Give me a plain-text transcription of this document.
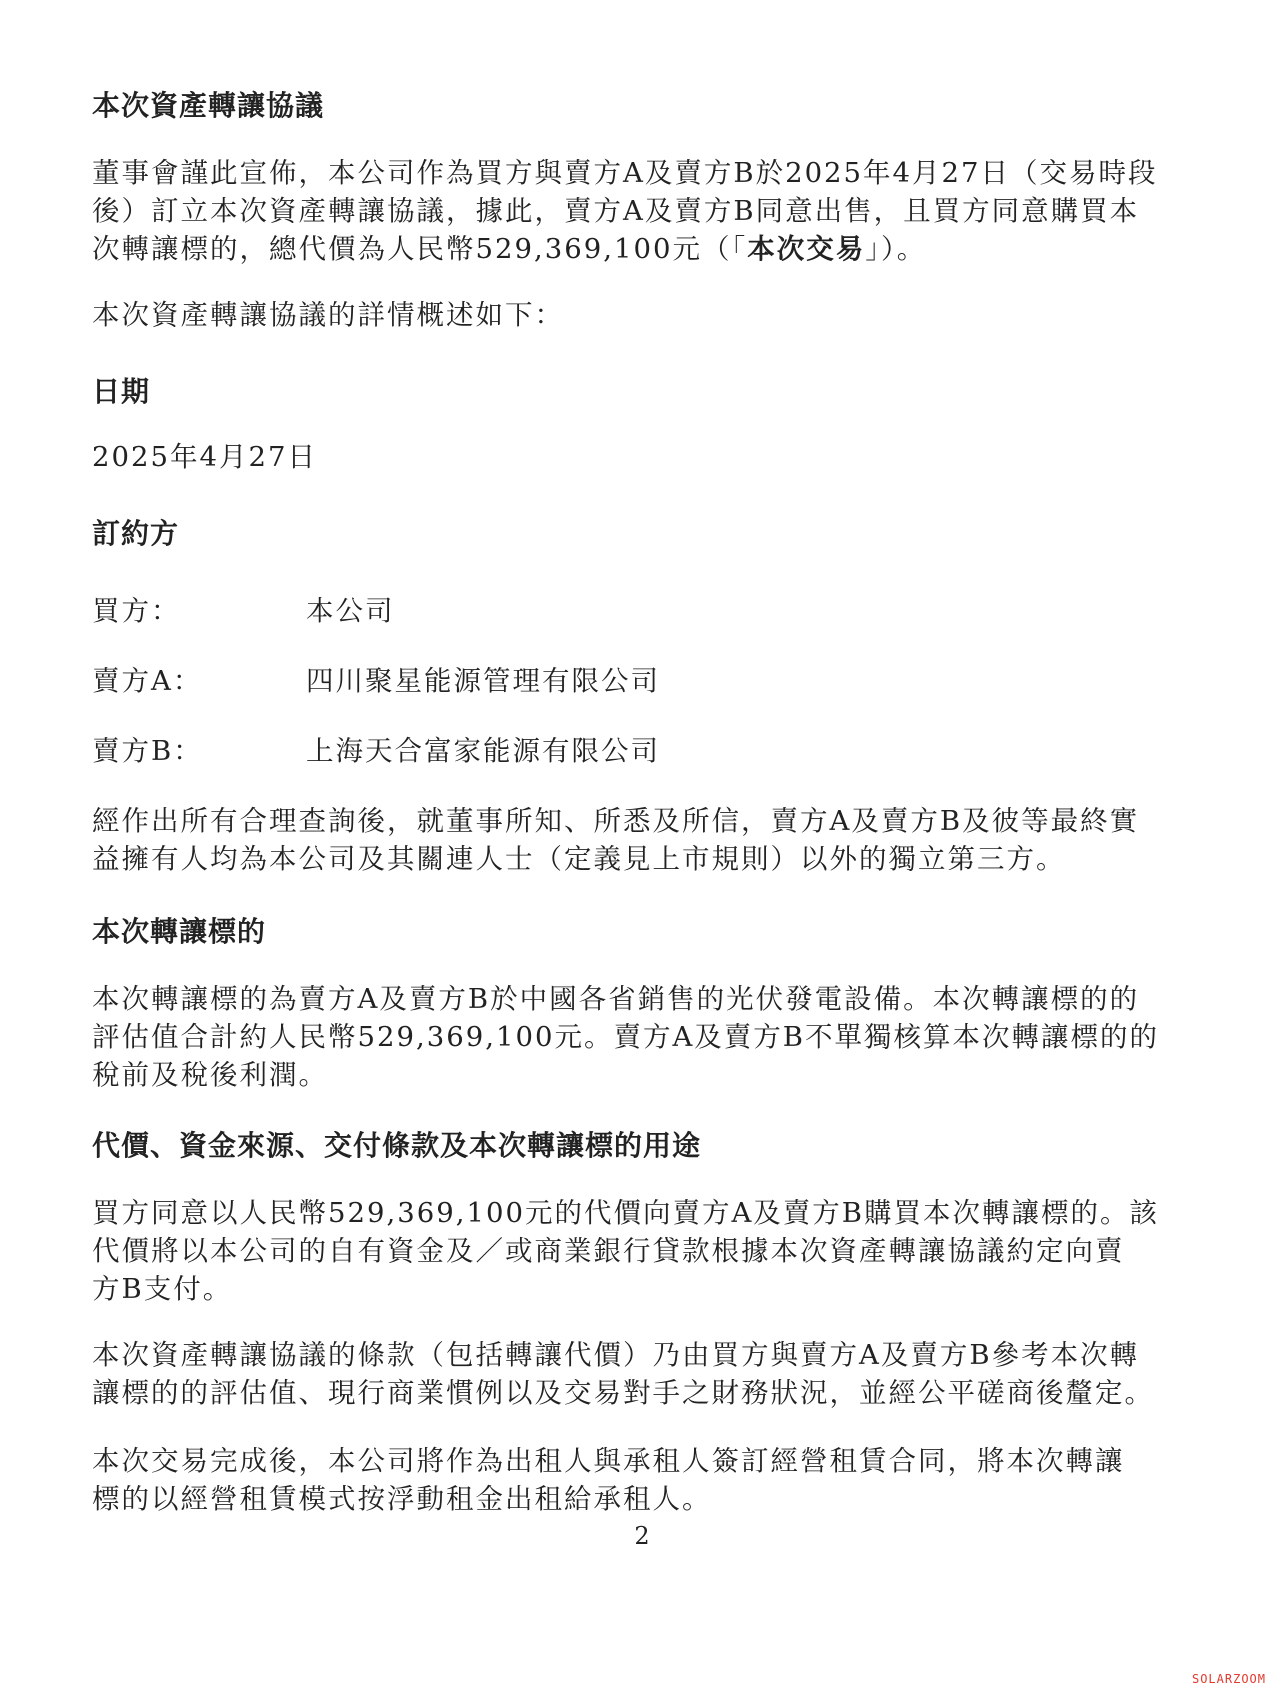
本次資產轉讓協議
董事會謹此宣佈，本公司作為買方與賣方A及賣方B於2025年4月27日（交易時段
後）訂立本次資產轉讓協議，據此，賣方A及賣方B同意出售，且買方同意購買本
次轉讓標的，總代價為人民幣529,369,100元（「本次交易」）。
本次資產轉讓協議的詳情概述如下：
日期
2025年4月27日
訂約方
買方：	本公司
賣方A：	四川聚星能源管理有限公司
賣方B：	上海天合富家能源有限公司
經作出所有合理查詢後，就董事所知、所悉及所信，賣方A及賣方B及彼等最終實
益擁有人均為本公司及其關連人士（定義見上市規則）以外的獨立第三方。
本次轉讓標的
本次轉讓標的為賣方A及賣方B於中國各省銷售的光伏發電設備。本次轉讓標的的
評估值合計約人民幣529,369,100元。賣方A及賣方B不單獨核算本次轉讓標的的
稅前及稅後利潤。
代價、資金來源、交付條款及本次轉讓標的用途
買方同意以人民幣529,369,100元的代價向賣方A及賣方B購買本次轉讓標的。該
代價將以本公司的自有資金及／或商業銀行貸款根據本次資產轉讓協議約定向賣
方B支付。
本次資產轉讓協議的條款（包括轉讓代價）乃由買方與賣方A及賣方B參考本次轉
讓標的的評估值、現行商業慣例以及交易對手之財務狀況，並經公平磋商後釐定。
本次交易完成後，本公司將作為出租人與承租人簽訂經營租賃合同，將本次轉讓
標的以經營租賃模式按浮動租金出租給承租人。
2
SOLARZOOM
